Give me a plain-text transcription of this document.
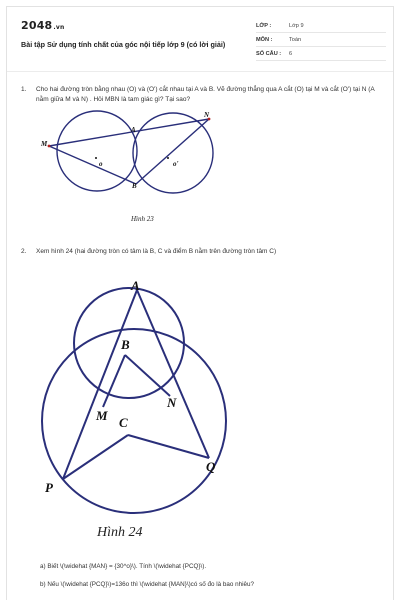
2048.vn
Bài tập Sử dụng tính chất của góc nội tiếp lớp 9 (có lời giải)
LỚP :	Lớp 9
MÔN :	Toán
SỐ CÂU :	6
1. Cho hai đường tròn bằng nhau (O) và (O') cắt nhau tại A và B. Vẽ đường thẳng qua A cắt (O) tại M và cắt (O') tại N (A nằm giữa M và N) . Hỏi MBN là tam giác gì? Tại sao?
M
A
N
B
o	o'
Hình 23
2. Xem hình 24 (hai đường tròn có tâm là B, C và điểm B nằm trên đường tròn tâm C)
A
B
N
M C
P
Q
Hình 24
a) Biết \(\widehat {MAN} = {30^o}\). Tính \(\widehat {PCQ}\).
b) Nếu \(\widehat {PCQ}\)=136o thì \(\widehat {MAN}\)có số đo là bao nhiêu?
